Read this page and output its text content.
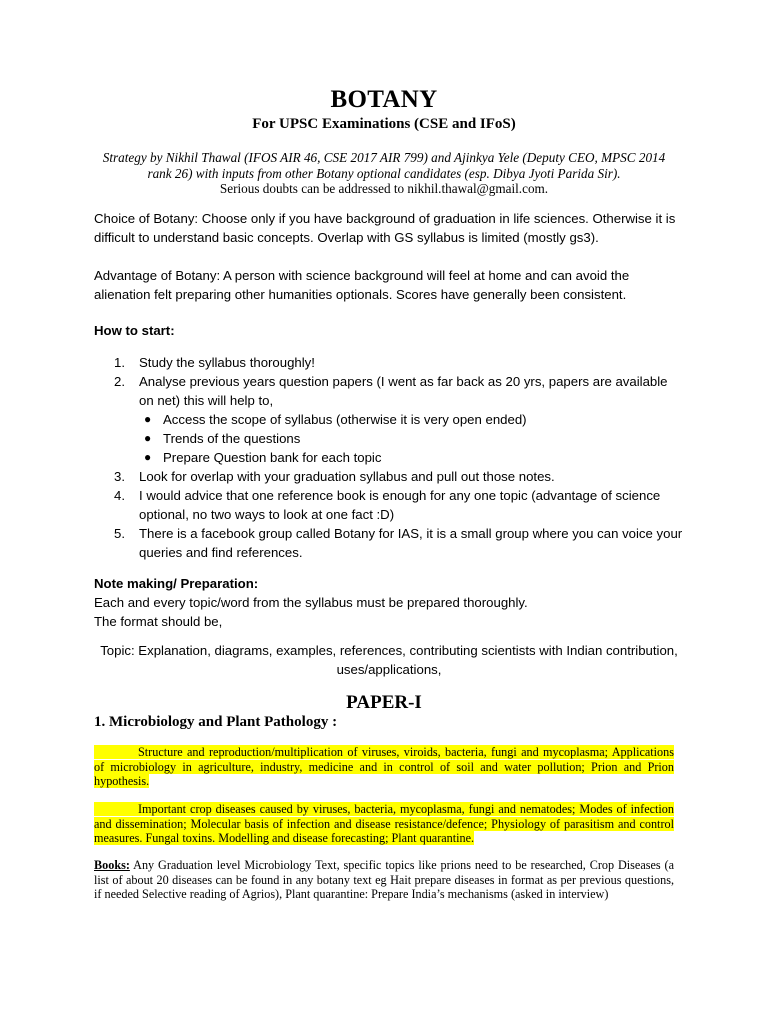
BOTANY
For UPSC Examinations (CSE and IFoS)
Strategy by Nikhil Thawal (IFOS AIR 46, CSE 2017 AIR 799) and Ajinkya Yele (Deputy CEO, MPSC 2014 rank 26) with inputs from other Botany optional candidates (esp. Dibya Jyoti Parida Sir).
Serious doubts can be addressed to nikhil.thawal@gmail.com.
Choice of Botany: Choose only if you have background of graduation in life sciences. Otherwise it is difficult to understand basic concepts. Overlap with GS syllabus is limited (mostly gs3).
Advantage of Botany: A person with science background will feel at home and can avoid the alienation felt preparing other humanities optionals. Scores have generally been consistent.
How to start:
1. Study the syllabus thoroughly!
2. Analyse previous years question papers (I went as far back as 20 yrs, papers are available on net) this will help to,
● Access the scope of syllabus (otherwise it is very open ended)
● Trends of the questions
● Prepare Question bank for each topic
3. Look for overlap with your graduation syllabus and pull out those notes.
4. I would advice that one reference book is enough for any one topic (advantage of science optional, no two ways to look at one fact :D)
5. There is a facebook group called Botany for IAS, it is a small group where you can voice your queries and find references.
Note making/ Preparation:
Each and every topic/word from the syllabus must be prepared thoroughly.
The format should be,
Topic: Explanation, diagrams, examples, references, contributing scientists with Indian contribution, uses/applications,
PAPER-I
1. Microbiology and Plant Pathology :
Structure and reproduction/multiplication of viruses, viroids, bacteria, fungi and mycoplasma; Applications of microbiology in agriculture, industry, medicine and in control of soil and water pollution; Prion and Prion hypothesis.
Important crop diseases caused by viruses, bacteria, mycoplasma, fungi and nematodes; Modes of infection and dissemination; Molecular basis of infection and disease resistance/defence; Physiology of parasitism and control measures. Fungal toxins. Modelling and disease forecasting; Plant quarantine.
Books: Any Graduation level Microbiology Text, specific topics like prions need to be researched, Crop Diseases (a list of about 20 diseases can be found in any botany text eg Hait prepare diseases in format as per previous questions, if needed Selective reading of Agrios), Plant quarantine: Prepare India’s mechanisms (asked in interview)
